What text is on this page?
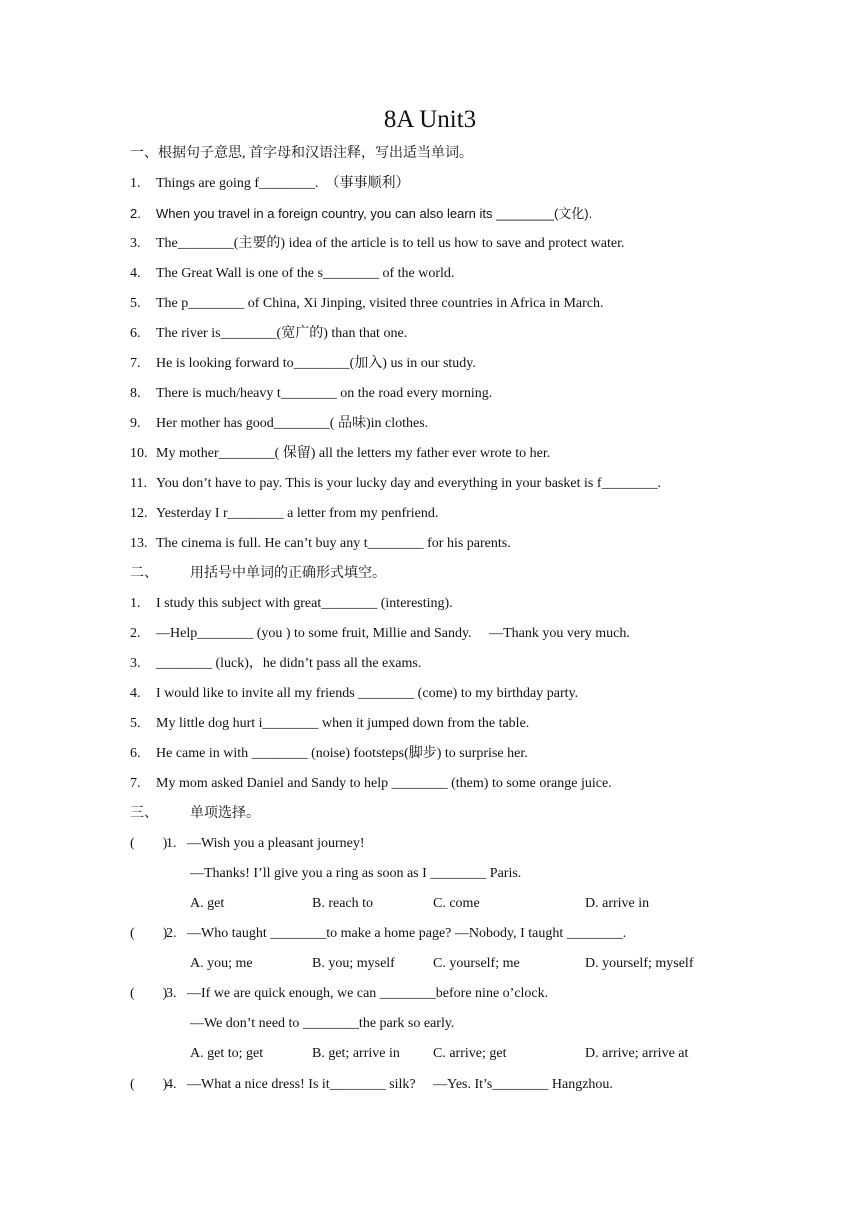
8A Unit3
一、根据句子意思, 首字母和汉语注释，写出适当单词。
1. Things are going f________.　（事事顺利）
2. When you travel in a foreign country, you can also learn its ________(文化).
3. The________(主要的) idea of the article is to tell us how to save and protect water.
4. The Great Wall is one of the s________ of the world.
5. The p________ of China, Xi Jinping, visited three countries in Africa in March.
6. The river is________(宽广的) than that one.
7. He is looking forward to________(加入) us in our study.
8. There is much/heavy t________ on the road every morning.
9. Her mother has good________( 品味)in clothes.
10. My mother________( 保留) all the letters my father ever wrote to her.
11. You don’t have to pay. This is your lucky day and everything in your basket is f________.
12. Yesterday I r________ a letter from my penfriend.
13. The cinema is full. He can’t buy any t________ for his parents.
二、 用括号中单词的正确形式填空。
1. I study this subject with great________ (interesting).
2. —Help________ (you ) to some fruit, Millie and Sandy.　 —Thank you very much.
3. ________ (luck)，he didn’t pass all the exams.
4. I would like to invite all my friends ________ (come) to my birthday party.
5. My little dog hurt i________ when it jumped down from the table.
6. He came in with ________ (noise) footsteps(脚步) to surprise her.
7. My mom asked Daniel and Sandy to help ________ (them) to some orange juice.
三、 单项选择。
(　　)
1. —Wish you a pleasant journey!
—Thanks! I’ll give you a ring as soon as I ________ Paris.
A. get	B. reach to	C. come	D. arrive in
(　　)
2. —Who taught ________to make a home page? —Nobody, I taught ________.
A. you; me	B. you; myself	C. yourself; me	D. yourself; myself
(　　)
3. —If we are quick enough, we can ________before nine o’clock.
—We don’t need to ________the park so early.
A. get to; get	B. get; arrive in C. arrive; get	D. arrive; arrive at
(　　)
4. —What a nice dress! Is it________ silk?　 —Yes. It’s________ Hangzhou.
